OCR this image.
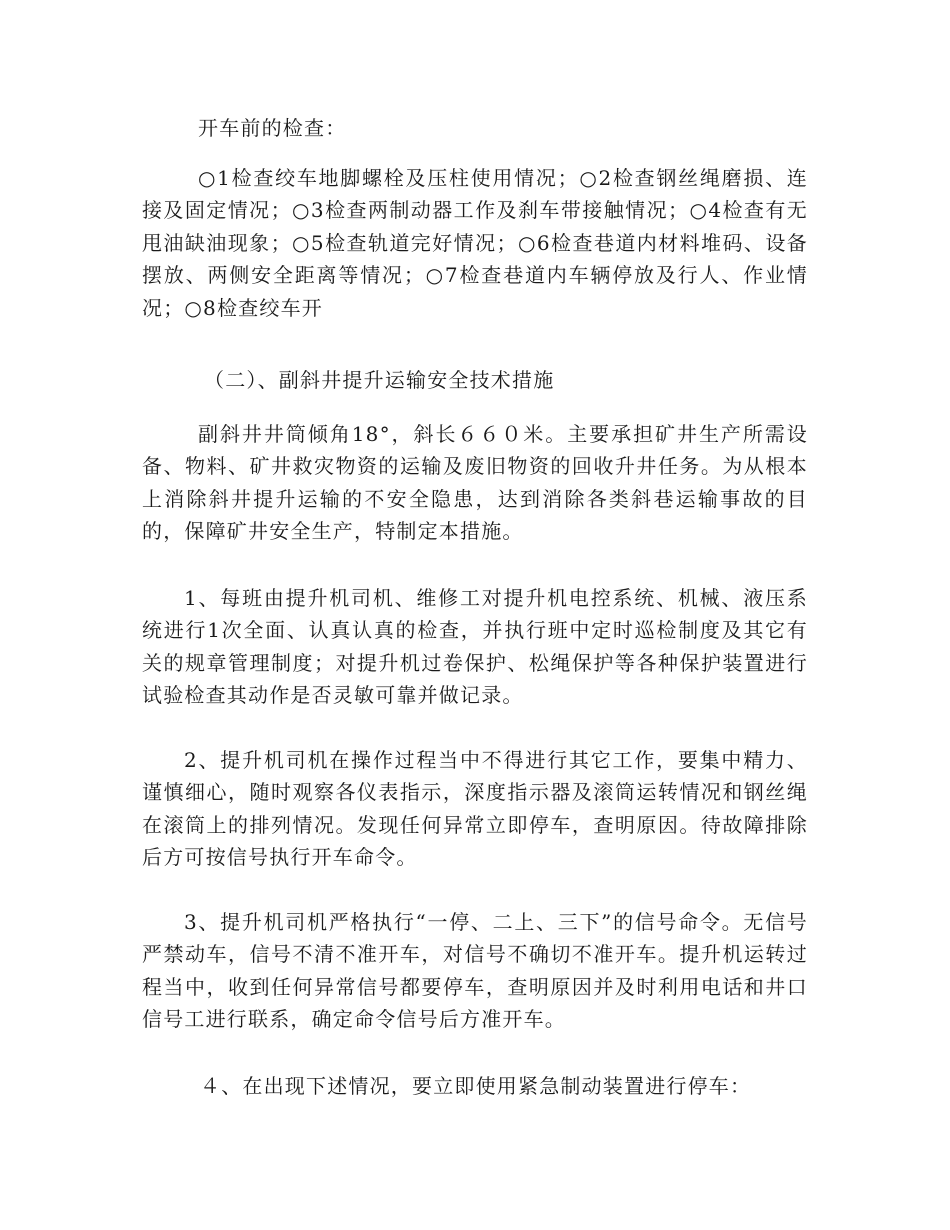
开车前的检查：

○1检查绞车地脚螺栓及压柱使用情况；○2检查钢丝绳磨损、连接及固定情况；○3检查两制动器工作及刹车带接触情况；○4检查有无甩油缺油现象；○5检查轨道完好情况；○6检查巷道内材料堆码、设备摆放、两侧安全距离等情况；○7检查巷道内车辆停放及行人、作业情况；○8检查绞车开

（二）、副斜井提升运输安全技术措施

副斜井井筒倾角18°，斜长６６０米。主要承担矿井生产所需设备、物料、矿井救灾物资的运输及废旧物资的回收升井任务。为从根本上消除斜井提升运输的不安全隐患，达到消除各类斜巷运输事故的目的，保障矿井安全生产，特制定本措施。

1、每班由提升机司机、维修工对提升机电控系统、机械、液压系统进行1次全面、认真认真的检查，并执行班中定时巡检制度及其它有关的规章管理制度；对提升机过卷保护、松绳保护等各种保护装置进行试验检查其动作是否灵敏可靠并做记录。

2、提升机司机在操作过程当中不得进行其它工作，要集中精力、谨慎细心，随时观察各仪表指示，深度指示器及滚筒运转情况和钢丝绳在滚筒上的排列情况。发现任何异常立即停车，查明原因。待故障排除后方可按信号执行开车命令。

3、提升机司机严格执行“一停、二上、三下”的信号命令。无信号严禁动车，信号不清不准开车，对信号不确切不准开车。提升机运转过程当中，收到任何异常信号都要停车，查明原因并及时利用电话和井口信号工进行联系，确定命令信号后方准开车。

４、在出现下述情况，要立即使用紧急制动装置进行停车：
